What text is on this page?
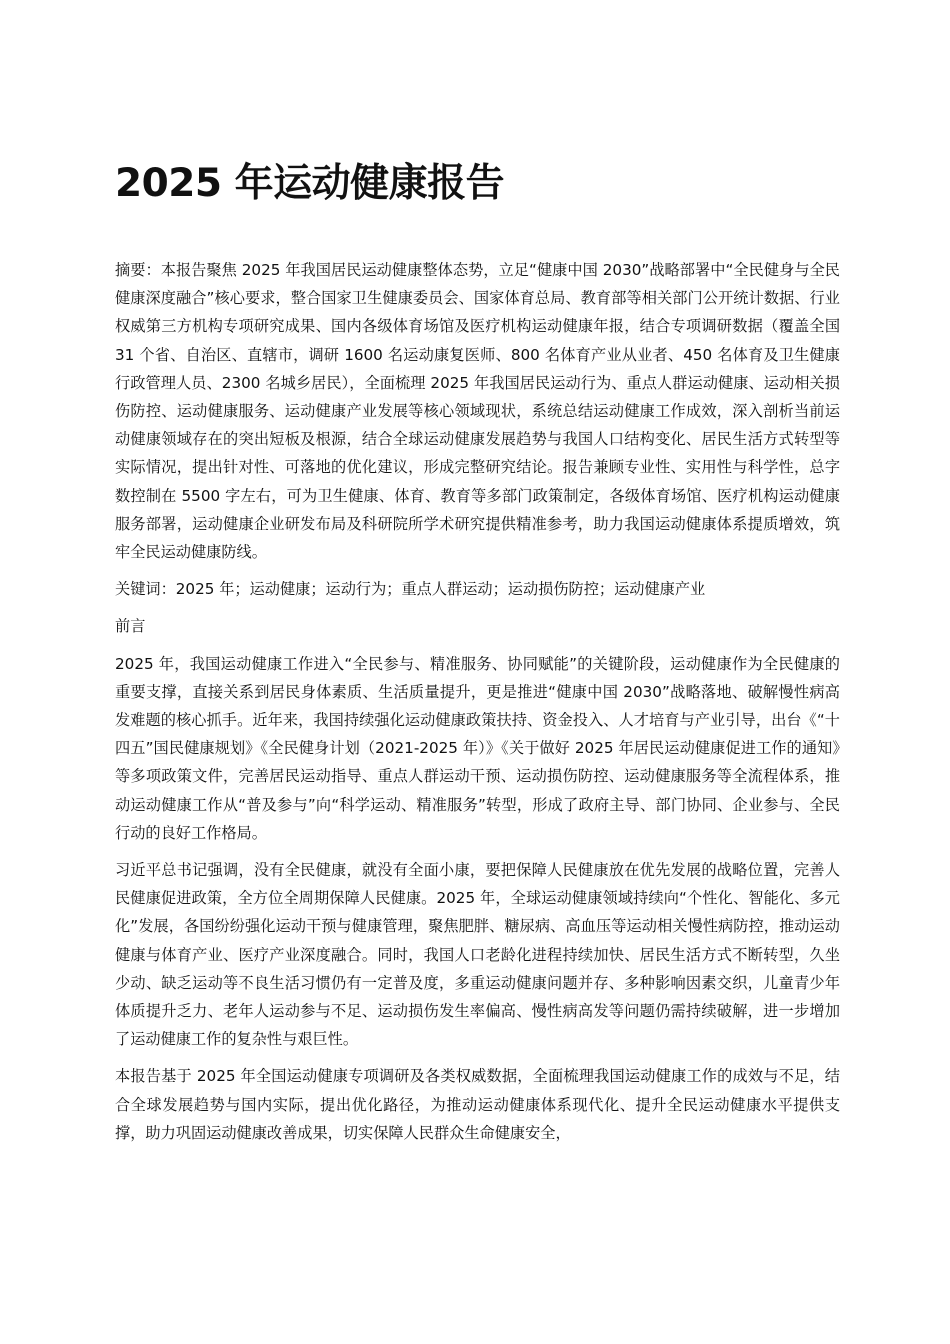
2025 年运动健康报告

摘要：本报告聚焦 2025 年我国居民运动健康整体态势，立足“健康中国 2030”战略部署中“全民健身与全民健康深度融合”核心要求，整合国家卫生健康委员会、国家体育总局、教育部等相关部门公开统计数据、行业权威第三方机构专项研究成果、国内各级体育场馆及医疗机构运动健康年报，结合专项调研数据（覆盖全国 31 个省、自治区、直辖市，调研 1600 名运动康复医师、800 名体育产业从业者、450 名体育及卫生健康行政管理人员、2300 名城乡居民），全面梳理 2025 年我国居民运动行为、重点人群运动健康、运动相关损伤防控、运动健康服务、运动健康产业发展等核心领域现状，系统总结运动健康工作成效，深入剖析当前运动健康领域存在的突出短板及根源，结合全球运动健康发展趋势与我国人口结构变化、居民生活方式转型等实际情况，提出针对性、可落地的优化建议，形成完整研究结论。报告兼顾专业性、实用性与科学性，总字数控制在 5500 字左右，可为卫生健康、体育、教育等多部门政策制定，各级体育场馆、医疗机构运动健康服务部署，运动健康企业研发布局及科研院所学术研究提供精准参考，助力我国运动健康体系提质增效，筑牢全民运动健康防线。

关键词：2025 年；运动健康；运动行为；重点人群运动；运动损伤防控；运动健康产业

前言

2025 年，我国运动健康工作进入“全民参与、精准服务、协同赋能”的关键阶段，运动健康作为全民健康的重要支撑，直接关系到居民身体素质、生活质量提升，更是推进“健康中国 2030”战略落地、破解慢性病高发难题的核心抓手。近年来，我国持续强化运动健康政策扶持、资金投入、人才培育与产业引导，出台《“十四五”国民健康规划》《全民健身计划（2021-2025 年）》《关于做好 2025 年居民运动健康促进工作的通知》等多项政策文件，完善居民运动指导、重点人群运动干预、运动损伤防控、运动健康服务等全流程体系，推动运动健康工作从“普及参与”向“科学运动、精准服务”转型，形成了政府主导、部门协同、企业参与、全民行动的良好工作格局。

习近平总书记强调，没有全民健康，就没有全面小康，要把保障人民健康放在优先发展的战略位置，完善人民健康促进政策，全方位全周期保障人民健康。2025 年，全球运动健康领域持续向“个性化、智能化、多元化”发展，各国纷纷强化运动干预与健康管理，聚焦肥胖、糖尿病、高血压等运动相关慢性病防控，推动运动健康与体育产业、医疗产业深度融合。同时，我国人口老龄化进程持续加快、居民生活方式不断转型，久坐少动、缺乏运动等不良生活习惯仍有一定普及度，多重运动健康问题并存、多种影响因素交织，儿童青少年体质提升乏力、老年人运动参与不足、运动损伤发生率偏高、慢性病高发等问题仍需持续破解，进一步增加了运动健康工作的复杂性与艰巨性。

本报告基于 2025 年全国运动健康专项调研及各类权威数据，全面梳理我国运动健康工作的成效与不足，结合全球发展趋势与国内实际，提出优化路径，为推动运动健康体系现代化、提升全民运动健康水平提供支撑，助力巩固运动健康改善成果，切实保障人民群众生命健康安全，
